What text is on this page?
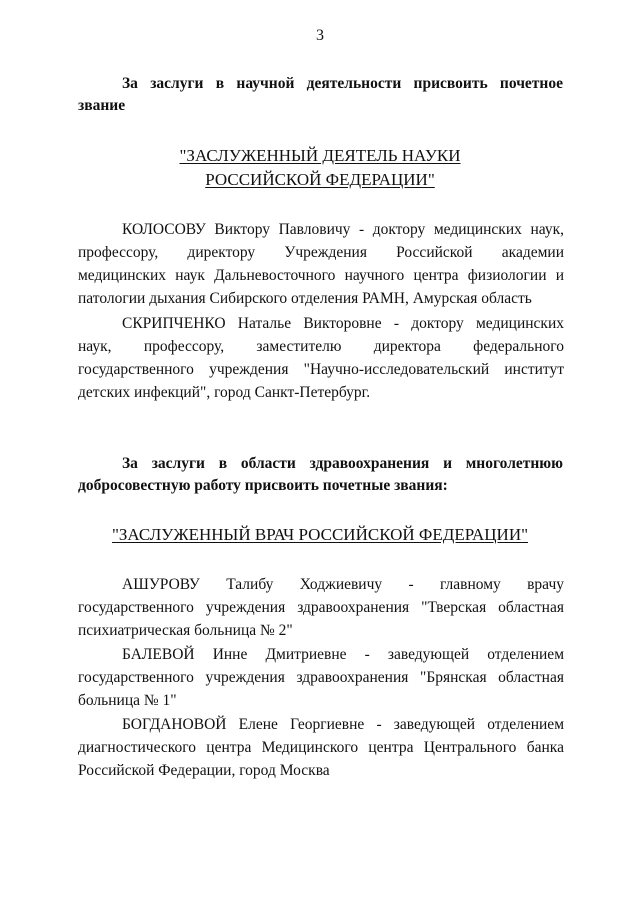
3
За заслуги в научной деятельности присвоить почетное
звание
"ЗАСЛУЖЕННЫЙ ДЕЯТЕЛЬ НАУКИ
РОССИЙСКОЙ ФЕДЕРАЦИИ"
КОЛОСОВУ Виктору Павловичу - доктору медицинских наук,
профессору, директору Учреждения Российской академии
медицинских наук Дальневосточного научного центра физиологии и
патологии дыхания Сибирского отделения РАМН, Амурская область
СКРИПЧЕНКО Наталье Викторовне - доктору медицинских
наук, профессору, заместителю директора федерального
государственного учреждения "Научно-исследовательский институт
детских инфекций", город Санкт-Петербург.
За заслуги в области здравоохранения и многолетнюю
добросовестную работу присвоить почетные звания:
"ЗАСЛУЖЕННЫЙ ВРАЧ РОССИЙСКОЙ ФЕДЕРАЦИИ"
АШУРОВУ Талибу Ходжиевичу - главному врачу
государственного учреждения здравоохранения "Тверская областная
психиатрическая больница № 2"
БАЛЕВОЙ Инне Дмитриевне - заведующей отделением
государственного учреждения здравоохранения "Брянская областная
больница № 1"
БОГДАНОВОЙ Елене Георгиевне - заведующей отделением
диагностического центра Медицинского центра Центрального банка
Российской Федерации, город Москва
